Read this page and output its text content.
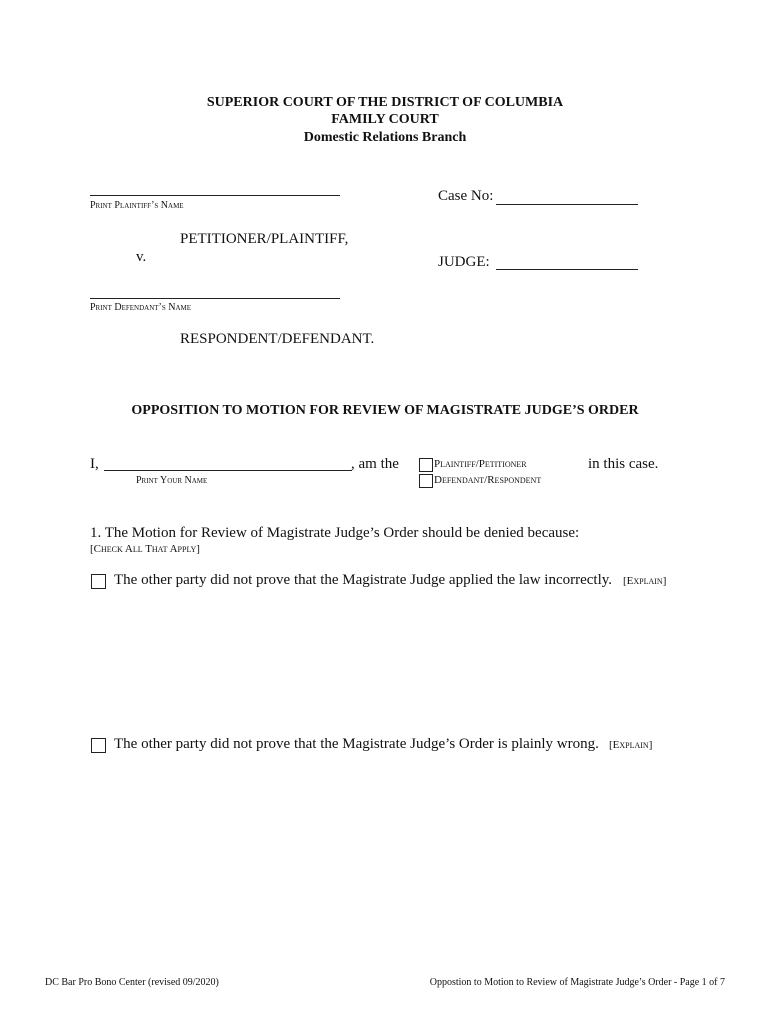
SUPERIOR COURT OF THE DISTRICT OF COLUMBIA
FAMILY COURT
Domestic Relations Branch
Print Plaintiff’s Name
Case No:
PETITIONER/PLAINTIFF,
v.	JUDGE:
Print Defendant’s Name
RESPONDENT/DEFENDANT.
OPPOSITION TO MOTION FOR REVIEW OF MAGISTRATE JUDGE’S ORDER
I,	, am the
Print Your Name
Plaintiff/Petitioner
Defendant/Respondent
in this case.
1. The Motion for Review of Magistrate Judge’s Order should be denied because:
[Check All That Apply]
The other party did not prove that the Magistrate Judge applied the law incorrectly. [Explain]
The other party did not prove that the Magistrate Judge’s Order is plainly wrong. [Explain]
DC Bar Pro Bono Center (revised 09/2020)	Oppostion to Motion to Review of Magistrate Judge’s Order - Page 1 of 7
